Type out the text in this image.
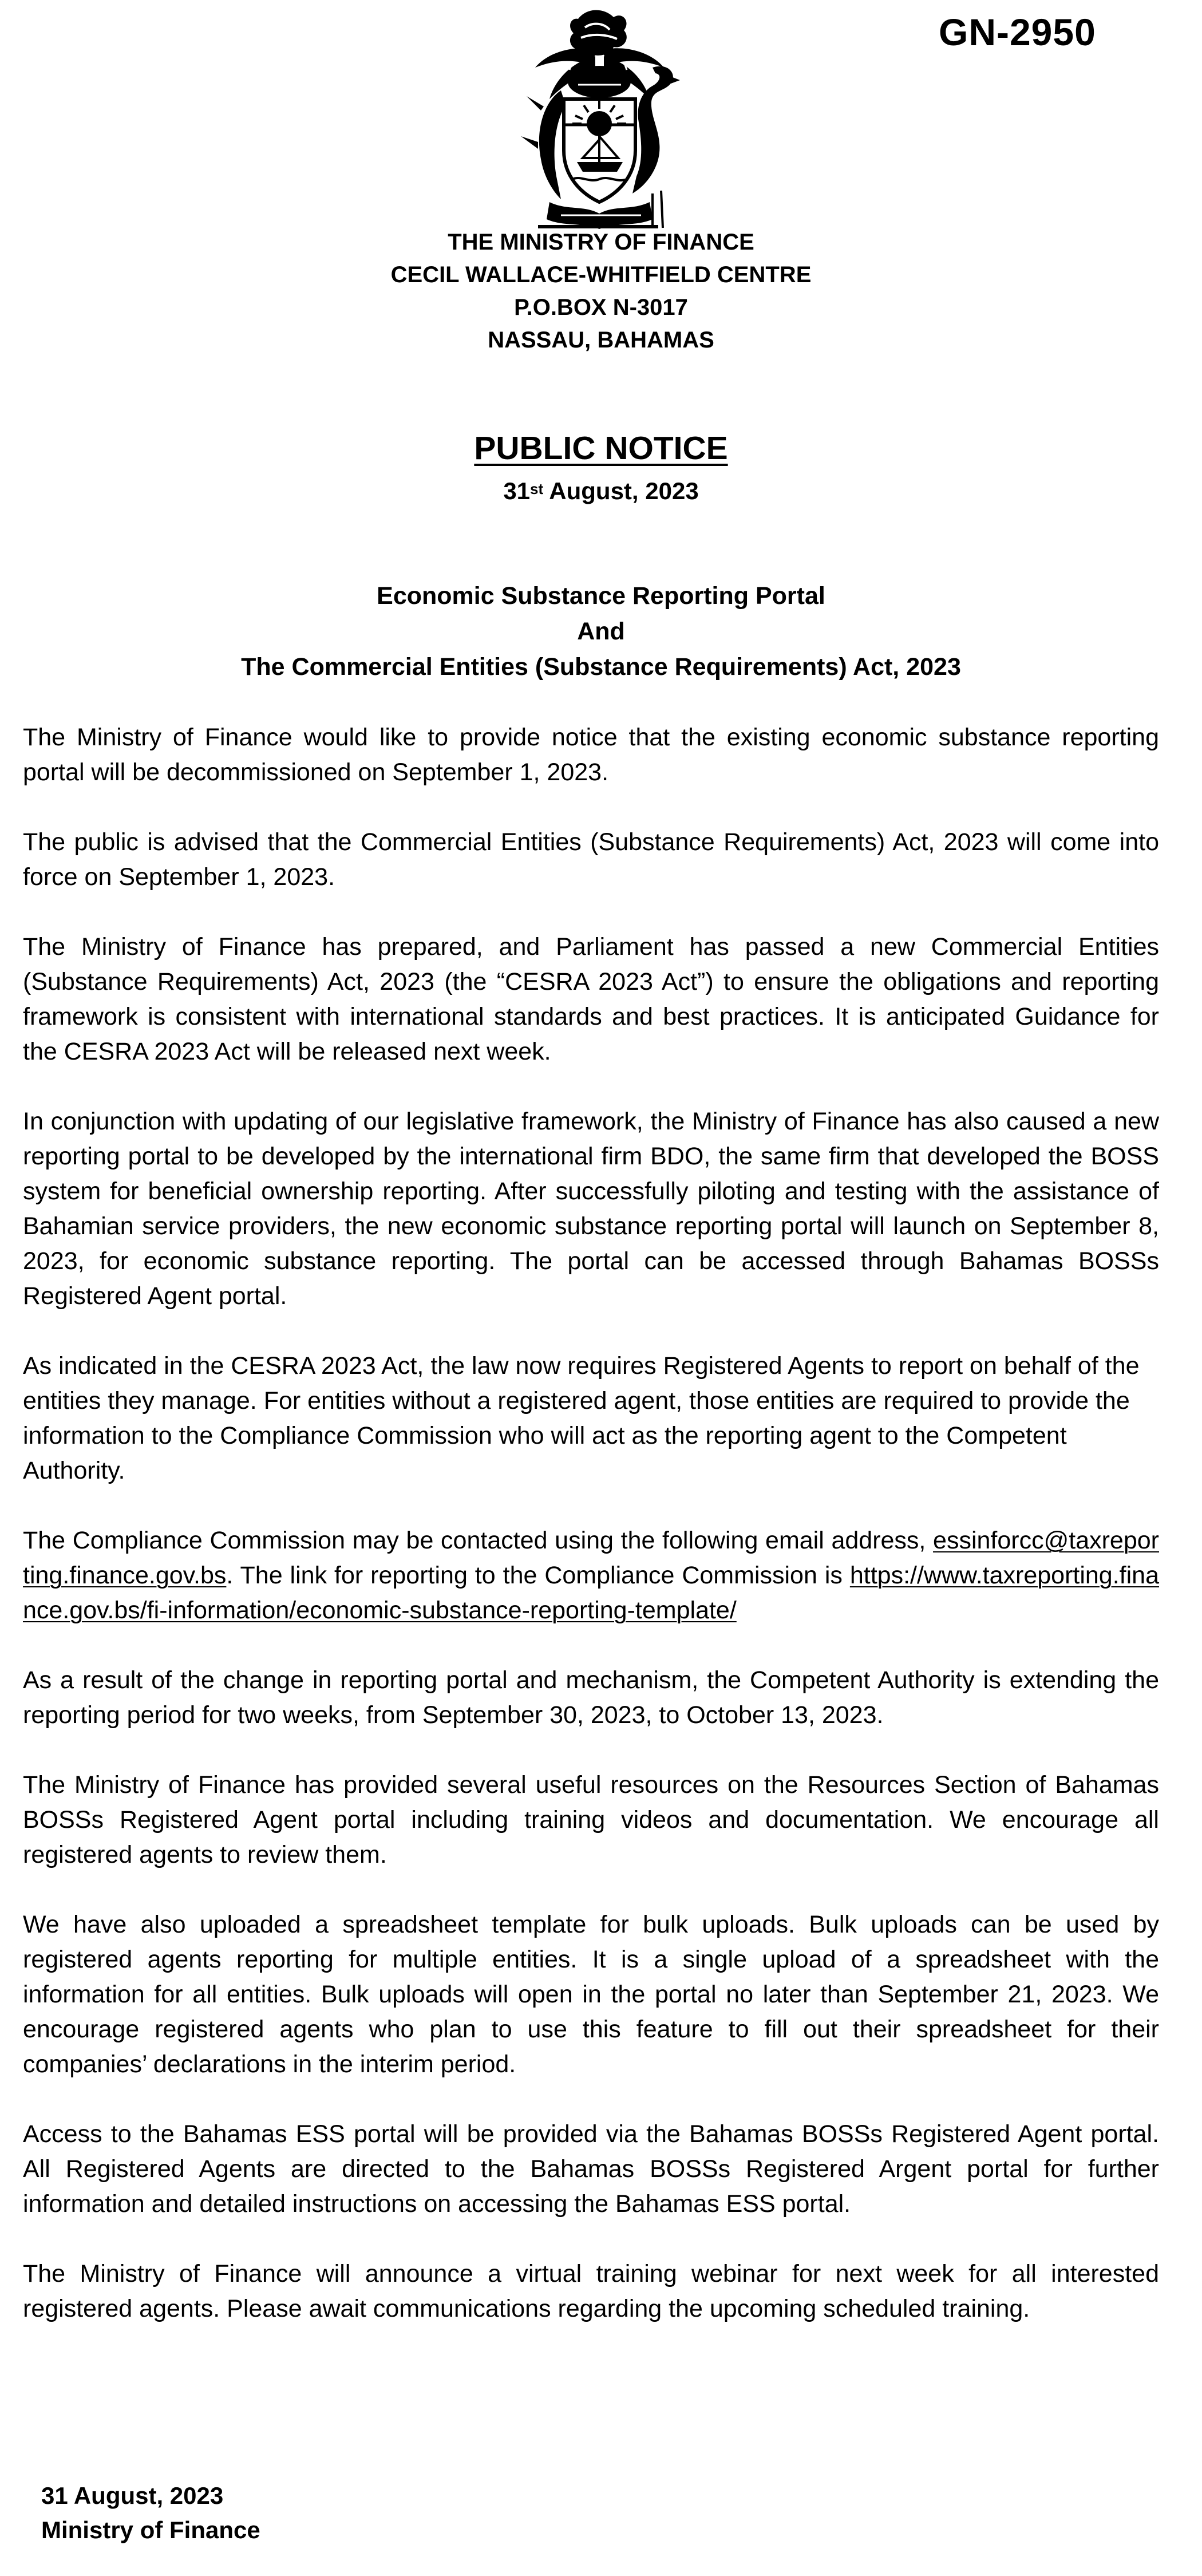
GN-2950
THE MINISTRY OF FINANCE
CECIL WALLACE-WHITFIELD CENTRE
P.O.BOX N-3017
NASSAU, BAHAMAS
PUBLIC NOTICE
31st August, 2023
Economic Substance Reporting Portal
And
The Commercial Entities (Substance Requirements) Act, 2023

The Ministry of Finance would like to provide notice that the existing economic substance reporting portal will be decommissioned on September 1, 2023.

The public is advised that the Commercial Entities (Substance Requirements) Act, 2023 will come into force on September 1, 2023.

The Ministry of Finance has prepared, and Parliament has passed a new Commercial Entities (Substance Requirements) Act, 2023 (the “CESRA 2023 Act”) to ensure the obligations and reporting framework is consistent with international standards and best practices. It is anticipated Guidance for the CESRA 2023 Act will be released next week.

In conjunction with updating of our legislative framework, the Ministry of Finance has also caused a new reporting portal to be developed by the international firm BDO, the same firm that developed the BOSS system for beneficial ownership reporting. After successfully piloting and testing with the assistance of Bahamian service providers, the new economic substance reporting portal will launch on September 8, 2023, for economic substance reporting. The portal can be accessed through Bahamas BOSSs Registered Agent portal.

As indicated in the CESRA 2023 Act, the law now requires Registered Agents to report on behalf of the entities they manage. For entities without a registered agent, those entities are required to provide the information to the Compliance Commission who will act as the reporting agent to the Competent Authority.

The Compliance Commission may be contacted using the following email address, essinforcc@taxreporting.finance.gov.bs. The link for reporting to the Compliance Commission is https://www.taxreporting.finance.gov.bs/fi-information/economic-substance-reporting-template/

As a result of the change in reporting portal and mechanism, the Competent Authority is extending the reporting period for two weeks, from September 30, 2023, to October 13, 2023.

The Ministry of Finance has provided several useful resources on the Resources Section of Bahamas BOSSs Registered Agent portal including training videos and documentation. We encourage all registered agents to review them.

We have also uploaded a spreadsheet template for bulk uploads. Bulk uploads can be used by registered agents reporting for multiple entities. It is a single upload of a spreadsheet with the information for all entities. Bulk uploads will open in the portal no later than September 21, 2023. We encourage registered agents who plan to use this feature to fill out their spreadsheet for their companies’ declarations in the interim period.

Access to the Bahamas ESS portal will be provided via the Bahamas BOSSs Registered Agent portal. All Registered Agents are directed to the Bahamas BOSSs Registered Argent portal for further information and detailed instructions on accessing the Bahamas ESS portal.

The Ministry of Finance will announce a virtual training webinar for next week for all interested registered agents. Please await communications regarding the upcoming scheduled training.

31 August, 2023
Ministry of Finance
